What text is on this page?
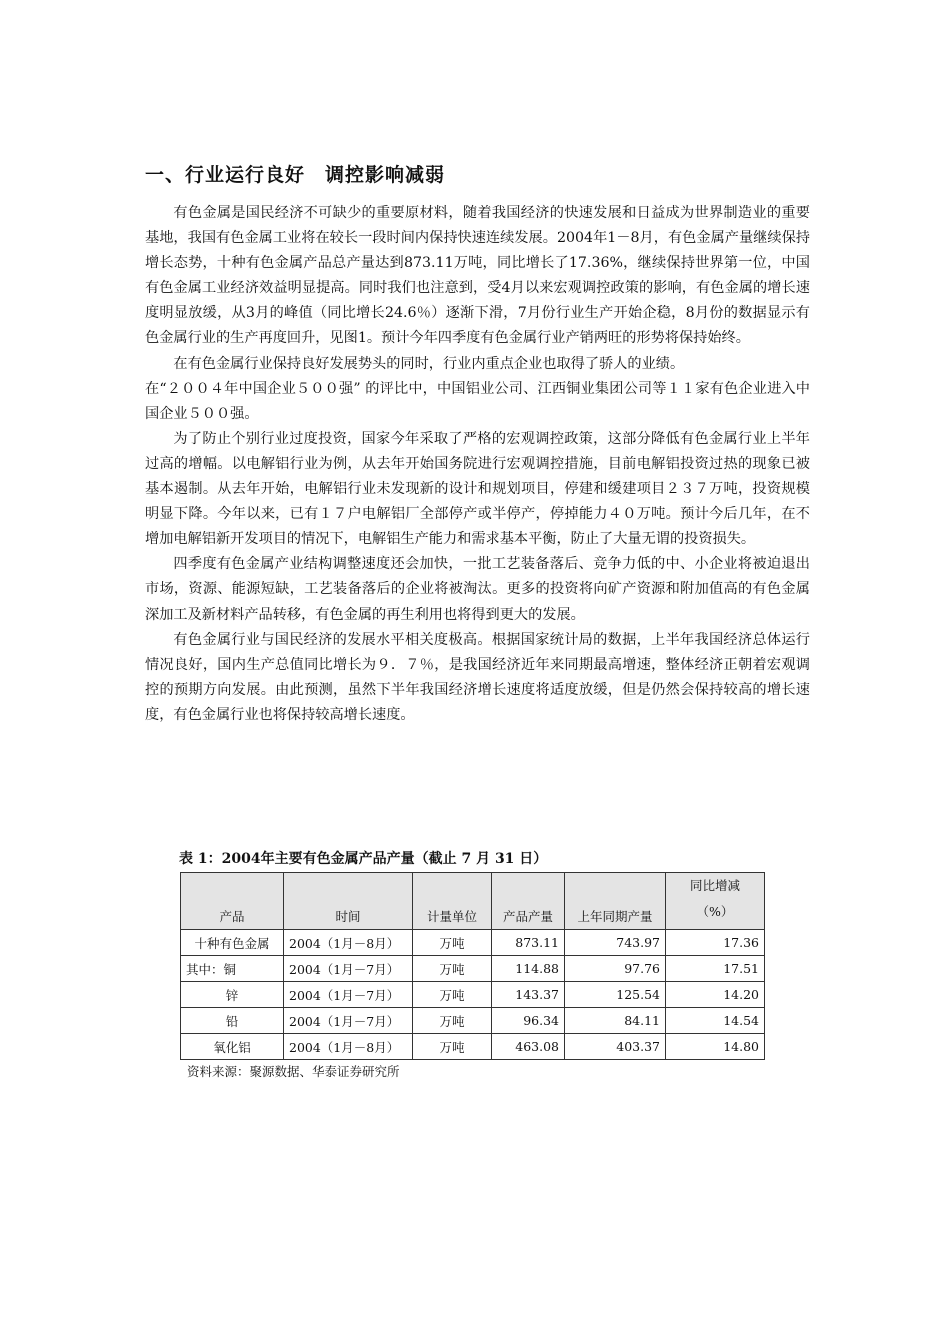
一、行业运行良好　调控影响减弱

有色金属是国民经济不可缺少的重要原材料，随着我国经济的快速发展和日益成为世界制造业的重要基地，我国有色金属工业将在较长一段时间内保持快速连续发展。2004年1－8月，有色金属产量继续保持增长态势，十种有色金属产品总产量达到873.11万吨，同比增长了17.36%，继续保持世界第一位，中国有色金属工业经济效益明显提高。同时我们也注意到，受4月以来宏观调控政策的影响，有色金属的增长速度明显放缓，从3月的峰值（同比增长24.6％）逐渐下滑，7月份行业生产开始企稳，8月份的数据显示有色金属行业的生产再度回升，见图1。预计今年四季度有色金属行业产销两旺的形势将保持始终。

在有色金属行业保持良好发展势头的同时，行业内重点企业也取得了骄人的业绩。

在“２００４年中国企业５００强” 的评比中，中国铝业公司、江西铜业集团公司等１１家有色企业进入中国企业５００强。

为了防止个别行业过度投资，国家今年采取了严格的宏观调控政策，这部分降低有色金属行业上半年过高的增幅。以电解铝行业为例，从去年开始国务院进行宏观调控措施，目前电解铝投资过热的现象已被基本遏制。从去年开始，电解铝行业未发现新的设计和规划项目，停建和缓建项目２３７万吨，投资规模明显下降。今年以来，已有１７户电解铝厂全部停产或半停产，停掉能力４０万吨。预计今后几年，在不增加电解铝新开发项目的情况下，电解铝生产能力和需求基本平衡，防止了大量无谓的投资损失。

四季度有色金属产业结构调整速度还会加快，一批工艺装备落后、竞争力低的中、小企业将被迫退出市场，资源、能源短缺，工艺装备落后的企业将被淘汰。更多的投资将向矿产资源和附加值高的有色金属深加工及新材料产品转移，有色金属的再生利用也将得到更大的发展。

有色金属行业与国民经济的发展水平相关度极高。根据国家统计局的数据，上半年我国经济总体运行情况良好，国内生产总值同比增长为９．７％，是我国经济近年来同期最高增速，整体经济正朝着宏观调控的预期方向发展。由此预测，虽然下半年我国经济增长速度将适度放缓，但是仍然会保持较高的增长速度，有色金属行业也将保持较高增长速度。

表 1：2004年主要有色金属产品产量（截止 7 月 31 日）
产品	时间	计量单位	产品产量	上年同期产量	同比增减
（%）
十种有色金属	2004（1月－8月）	万吨	873.11	743.97	17.36
其中：铜	2004（1月－7月）	万吨	114.88	97.76	17.51
锌	2004（1月－7月）	万吨	143.37	125.54	14.20
铅	2004（1月－7月）	万吨	96.34	84.11	14.54
氧化铝	2004（1月－8月）	万吨	463.08	403.37	14.80
资料来源：聚源数据、华泰证券研究所
